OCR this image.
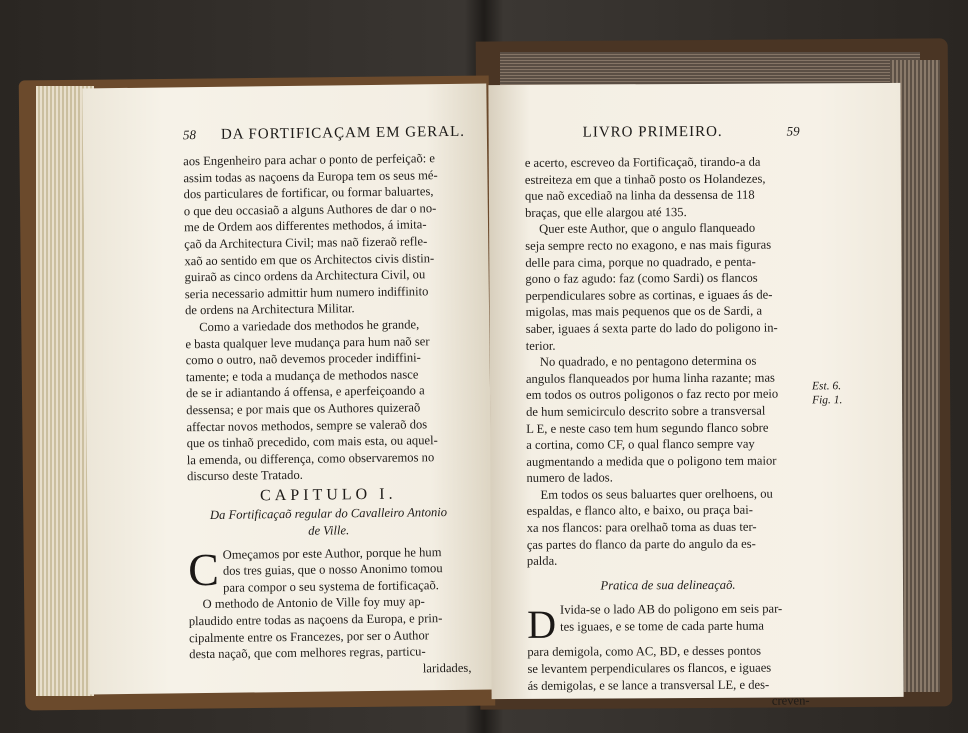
58 DA FORTIFICAÇAM EM GERAL.

aos Engenheiro para achar o ponto de perfeiçaõ: e
assim todas as naçoens da Europa tem os seus mé-
dos particulares de fortificar, ou formar baluartes,
o que deu occasiaõ a alguns Authores de dar o no-
me de Ordem aos differentes methodos, á imita-
çaõ da Architectura Civil; mas naõ fizeraõ refle-
xaõ ao sentido em que os Architectos civis distin-
guiraõ as cinco ordens da Architectura Civil, ou
seria necessario admittir hum numero indiffinito
de ordens na Architectura Militar.

Como a variedade dos methodos he grande,
e basta qualquer leve mudança para hum naõ ser
como o outro, naõ devemos proceder indiffini-
tamente; e toda a mudança de methodos nasce
de se ir adiantando á offensa, e aperfeiçoando a
dessensa; e por mais que os Authores quizeraõ
affectar novos methodos, sempre se valeraõ dos
que os tinhaõ precedido, com mais esta, ou aquel-
la emenda, ou differença, como observaremos no
discurso deste Tratado.

CAPITULO I.
Da Fortificaçaõ regular do Cavalleiro Antonio
de Ville.

C Omeçamos por este Author, porque he hum
dos tres guias, que o nosso Anonimo tomou
para compor o seu systema de fortificaçaõ.

O methodo de Antonio de Ville foy muy ap-
plaudido entre todas as naçoens da Europa, e prin-
cipalmente entre os Francezes, por ser o Author
desta naçaõ, que com melhores regras, particu-
laridades,

LIVRO PRIMEIRO.	59

e acerto, escreveo da Fortificaçaõ, tirando-a da
estreiteza em que a tinhaõ posto os Holandezes,
que naõ excediaõ na linha da dessensa de 118
braças, que elle alargou até 135.

Quer este Author, que o angulo flanqueado
seja sempre recto no exagono, e nas mais figuras
delle para cima, porque no quadrado, e penta-
gono o faz agudo: faz (como Sardi) os flancos
perpendiculares sobre as cortinas, e iguaes ás de-
migolas, mas mais pequenos que os de Sardi, a
saber, iguaes á sexta parte do lado do poligono in-
terior.

No quadrado, e no pentagono determina os
angulos flanqueados por huma linha razante; mas
em todos os outros poligonos o faz recto por meio
de hum semicirculo descrito sobre a transversal
L E, e neste caso tem hum segundo flanco sobre
a cortina, como CF, o qual flanco sempre vay
augmentando a medida que o poligono tem maior
numero de lados.

Em todos os seus baluartes quer orelhoens, ou
espaldas, e flanco alto, e baixo, ou praça bai-
xa nos flancos: para orelhaõ toma as duas ter-
ças partes do flanco da parte do angulo da es-
palda.

Pratica de sua delineaçaõ.

D Ivida-se o lado AB do poligono em seis par-
tes iguaes, e se tome de cada parte huma
para demigola, como AC, BD, e desses pontos
se levantem perpendiculares os flancos, e iguaes
ás demigolas, e se lance a transversal LE, e des-
creven-

Est. 6.
Fig. 1.
